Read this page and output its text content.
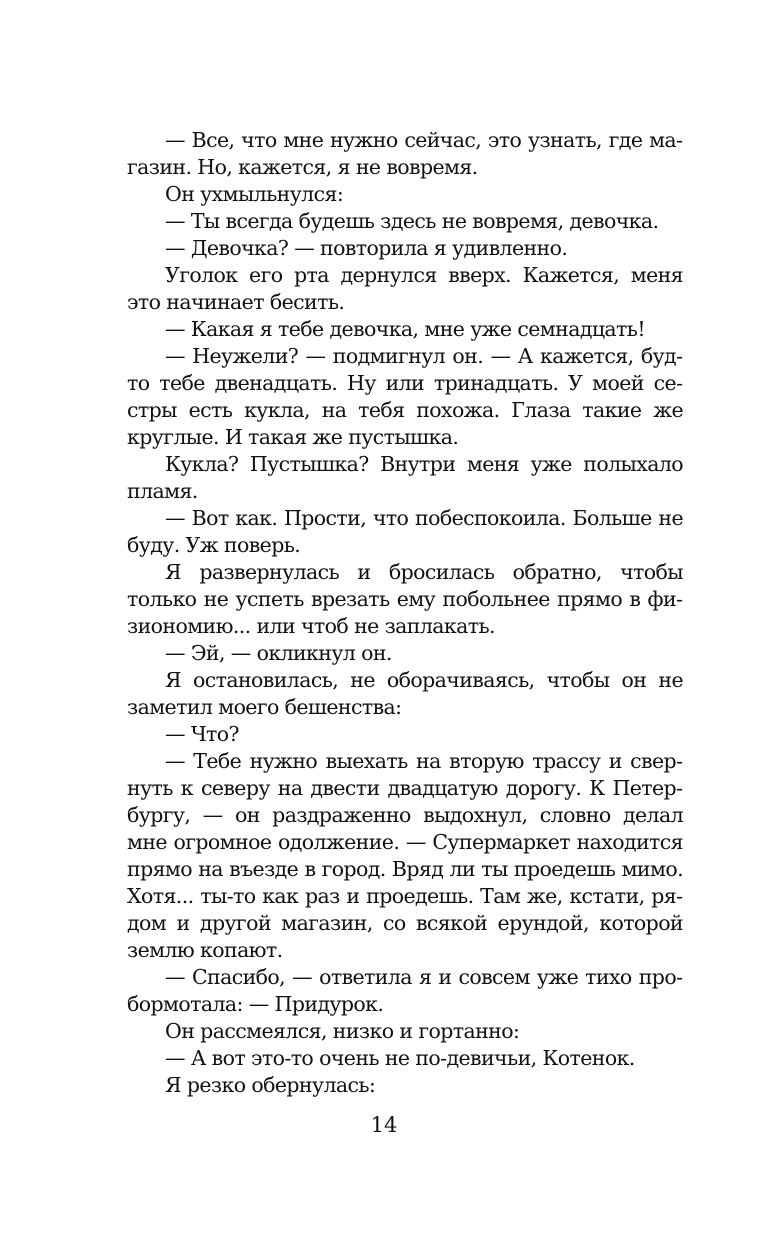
— Все, что мне нужно сейчас, это узнать, где магазин. Но, кажется, я не вовремя.

Он ухмыльнулся:

— Ты всегда будешь здесь не вовремя, девочка.

— Девочка? — повторила я удивленно.

Уголок его рта дернулся вверх. Кажется, меня это начинает бесить.

— Какая я тебе девочка, мне уже семнадцать!

— Неужели? — подмигнул он. — А кажется, будто тебе двенадцать. Ну или тринадцать. У моей сестры есть кукла, на тебя похожа. Глаза такие же круглые. И такая же пустышка.

Кукла? Пустышка? Внутри меня уже полыхало пламя.

— Вот как. Прости, что побеспокоила. Больше не буду. Уж поверь.

Я развернулась и бросилась обратно, чтобы только не успеть врезать ему побольнее прямо в физиономию... или чтоб не заплакать.

— Эй, — окликнул он.

Я остановилась, не оборачиваясь, чтобы он не заметил моего бешенства:

— Что?

— Тебе нужно выехать на вторую трассу и свернуть к северу на двести двадцатую дорогу. К Петербургу, — он раздраженно выдохнул, словно делал мне огромное одолжение. — Супермаркет находится прямо на въезде в город. Вряд ли ты проедешь мимо. Хотя... ты-то как раз и проедешь. Там же, кстати, рядом и другой магазин, со всякой ерундой, которой землю копают.

— Спасибо, — ответила я и совсем уже тихо пробормотала: — Придурок.

Он рассмеялся, низко и гортанно:

— А вот это-то очень не по-девичьи, Котенок.

Я резко обернулась:

14
